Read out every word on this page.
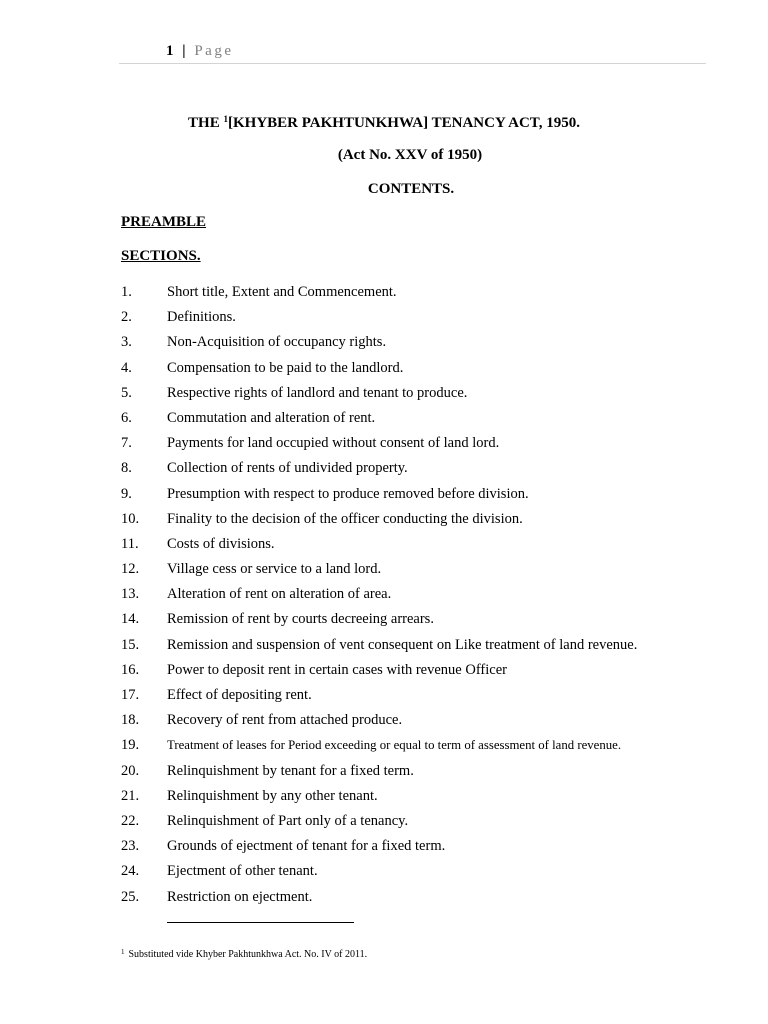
1 | Page
THE $^1$[KHYBER PAKHTUNKHWA] TENANCY ACT, 1950.
(Act No. XXV of 1950)
CONTENTS.
PREAMBLE
SECTIONS.
1.	Short title, Extent and Commencement.
2.	Definitions.
3.	Non-Acquisition of occupancy rights.
4.	Compensation to be paid to the landlord.
5.	Respective rights of landlord and tenant to produce.
6.	Commutation and alteration of rent.
7.	Payments for land occupied without consent of land lord.
8.	Collection of rents of undivided property.
9.	Presumption with respect to produce removed before division.
10.	Finality to the decision of the officer conducting the division.
11.	Costs of divisions.
12.	Village cess or service to a land lord.
13.	Alteration of rent on alteration of area.
14.	Remission of rent by courts decreeing arrears.
15.	Remission and suspension of vent consequent on Like treatment of land revenue.
16.	Power to deposit rent in certain cases with revenue Officer
17.	Effect of depositing rent.
18.	Recovery of rent from attached produce.
19.	Treatment of leases for Period exceeding or equal to term of assessment of land revenue.
20.	Relinquishment by tenant for a fixed term.
21.	Relinquishment by any other tenant.
22.	Relinquishment of Part only of a tenancy.
23.	Grounds of ejectment of tenant for a fixed term.
24.	Ejectment of other tenant.
25.	Restriction on ejectment.
$^1$ Substituted vide Khyber Pakhtunkhwa Act. No. IV of 2011.
